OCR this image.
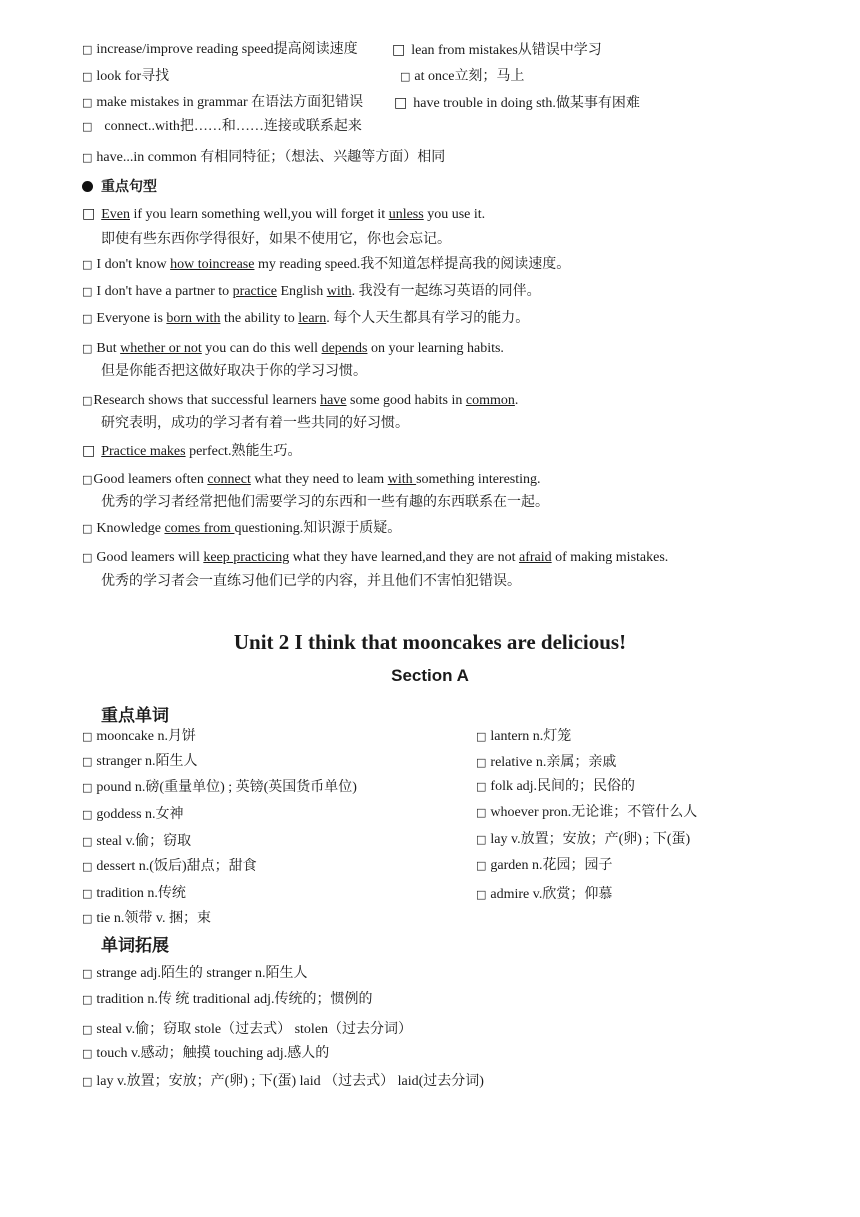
□ increase/improve reading speed提高阅读速度 □ lean from mistakes从错误中学习
□ look for寻找	□ at once立刻；马上
□ make mistakes in grammar 在语法方面犯错误 □ have trouble in doing sth.做某事有困难
□ connect..with把……和……连接或联系起来
□ have...in common 有相同特征；（想法、兴趣等方面）相同
重点句型
□ Even if you learn something well,you will forget it unless you use it.
即使有些东西你学得很好，如果不使用它，你也会忘记。
□ I don't know how toincrease my reading speed.我不知道怎样提高我的阅读速度。
□ I don't have a partner to practice English with. 我没有一起练习英语的同伴。
□ Everyone is born with the ability to learn. 每个人天生都具有学习的能力。
□ But whether or not you can do this well depends on your learning habits.
但是你能否把这做好取决于你的学习习惯。
□Research shows that successful learners have some good habits in common.
研究表明，成功的学习者有着一些共同的好习惯。
□ Practice makes perfect.熟能生巧。
□Good leamers often connect what they need to leam with something interesting.
优秀的学习者经常把他们需要学习的东西和一些有趣的东西联系在一起。
□ Knowledge comes from questioning.知识源于质疑。
□ Good leamers will keep practicing what they have learned,and they are not afraid of making mistakes.
优秀的学习者会一直练习他们已学的内容，并且他们不害怕犯错误。
Unit 2 I think that mooncakes are delicious!
Section A
重点单词
□ mooncake n.月饼
□ stranger n.陌生人
□ pound n.磅(重量单位) ; 英镑(英国货币单位)
□ goddess n.女神
□ steal v.偷；窃取
□ dessert n.(饭后)甜点；甜食
□ tradition n.传统
□ tie n.领带 v. 捆；束
□ lantern n.灯笼
□ relative n.亲属；亲戚
□ folk adj.民间的；民俗的
□ whoever pron.无论谁；不管什么人
□ lay v.放置；安放；产(卵) ; 下(蛋)
□ garden n.花园；园子
□ admire v.欣赏；仰慕
单词拓展
□ strange adj.陌生的 stranger n.陌生人
□ tradition n.传 统 traditional adj.传统的；惯例的
□ steal v.偷；窃取 stole（过去式） stolen（过去分词）
□ touch v.感动；触摸 touching adj.感人的
□ lay v.放置；安放；产(卵) ; 下(蛋) laid （过去式） laid(过去分词)
